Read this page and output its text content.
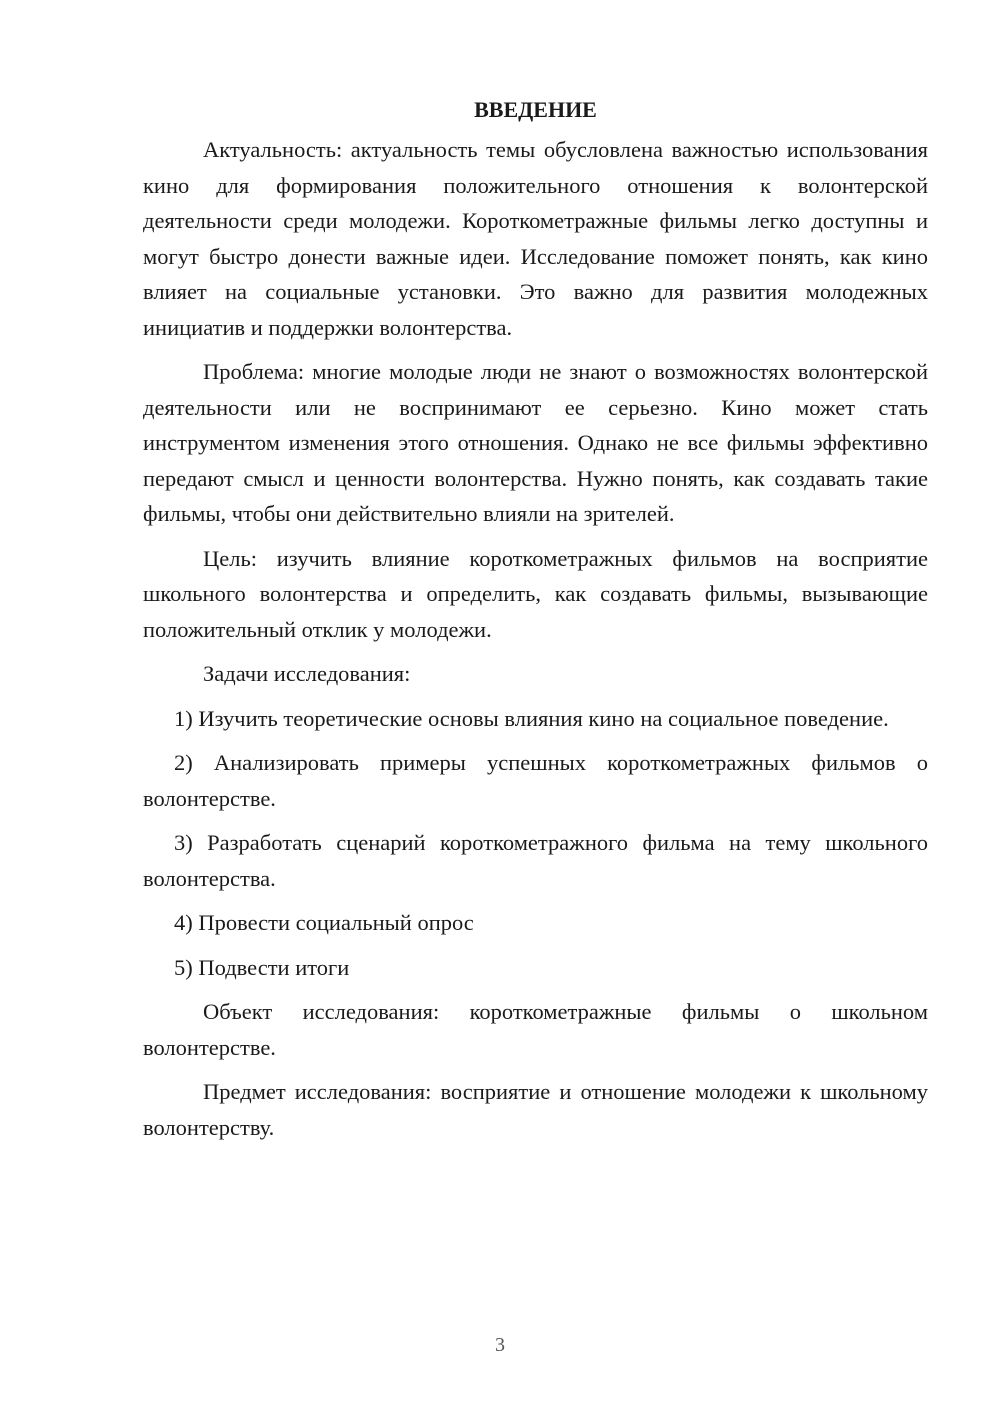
ВВЕДЕНИЕ

Актуальность: актуальность темы обусловлена важностью использования кино для формирования положительного отношения к волонтерской деятельности среди молодежи. Короткометражные фильмы легко доступны и могут быстро донести важные идеи. Исследование поможет понять, как кино влияет на социальные установки. Это важно для развития молодежных инициатив и поддержки волонтерства.

Проблема: многие молодые люди не знают о возможностях волонтерской деятельности или не воспринимают ее серьезно. Кино может стать инструментом изменения этого отношения. Однако не все фильмы эффективно передают смысл и ценности волонтерства. Нужно понять, как создавать такие фильмы, чтобы они действительно влияли на зрителей.

Цель: изучить влияние короткометражных фильмов на восприятие школьного волонтерства и определить, как создавать фильмы, вызывающие положительный отклик у молодежи.

Задачи исследования:

1) Изучить теоретические основы влияния кино на социальное поведение.

2) Анализировать примеры успешных короткометражных фильмов о волонтерстве.

3) Разработать сценарий короткометражного фильма на тему школьного волонтерства.

4) Провести социальный опрос

5) Подвести итоги

Объект исследования: короткометражные фильмы о школьном волонтерстве.

Предмет исследования: восприятие и отношение молодежи к школьному волонтерству.

3
